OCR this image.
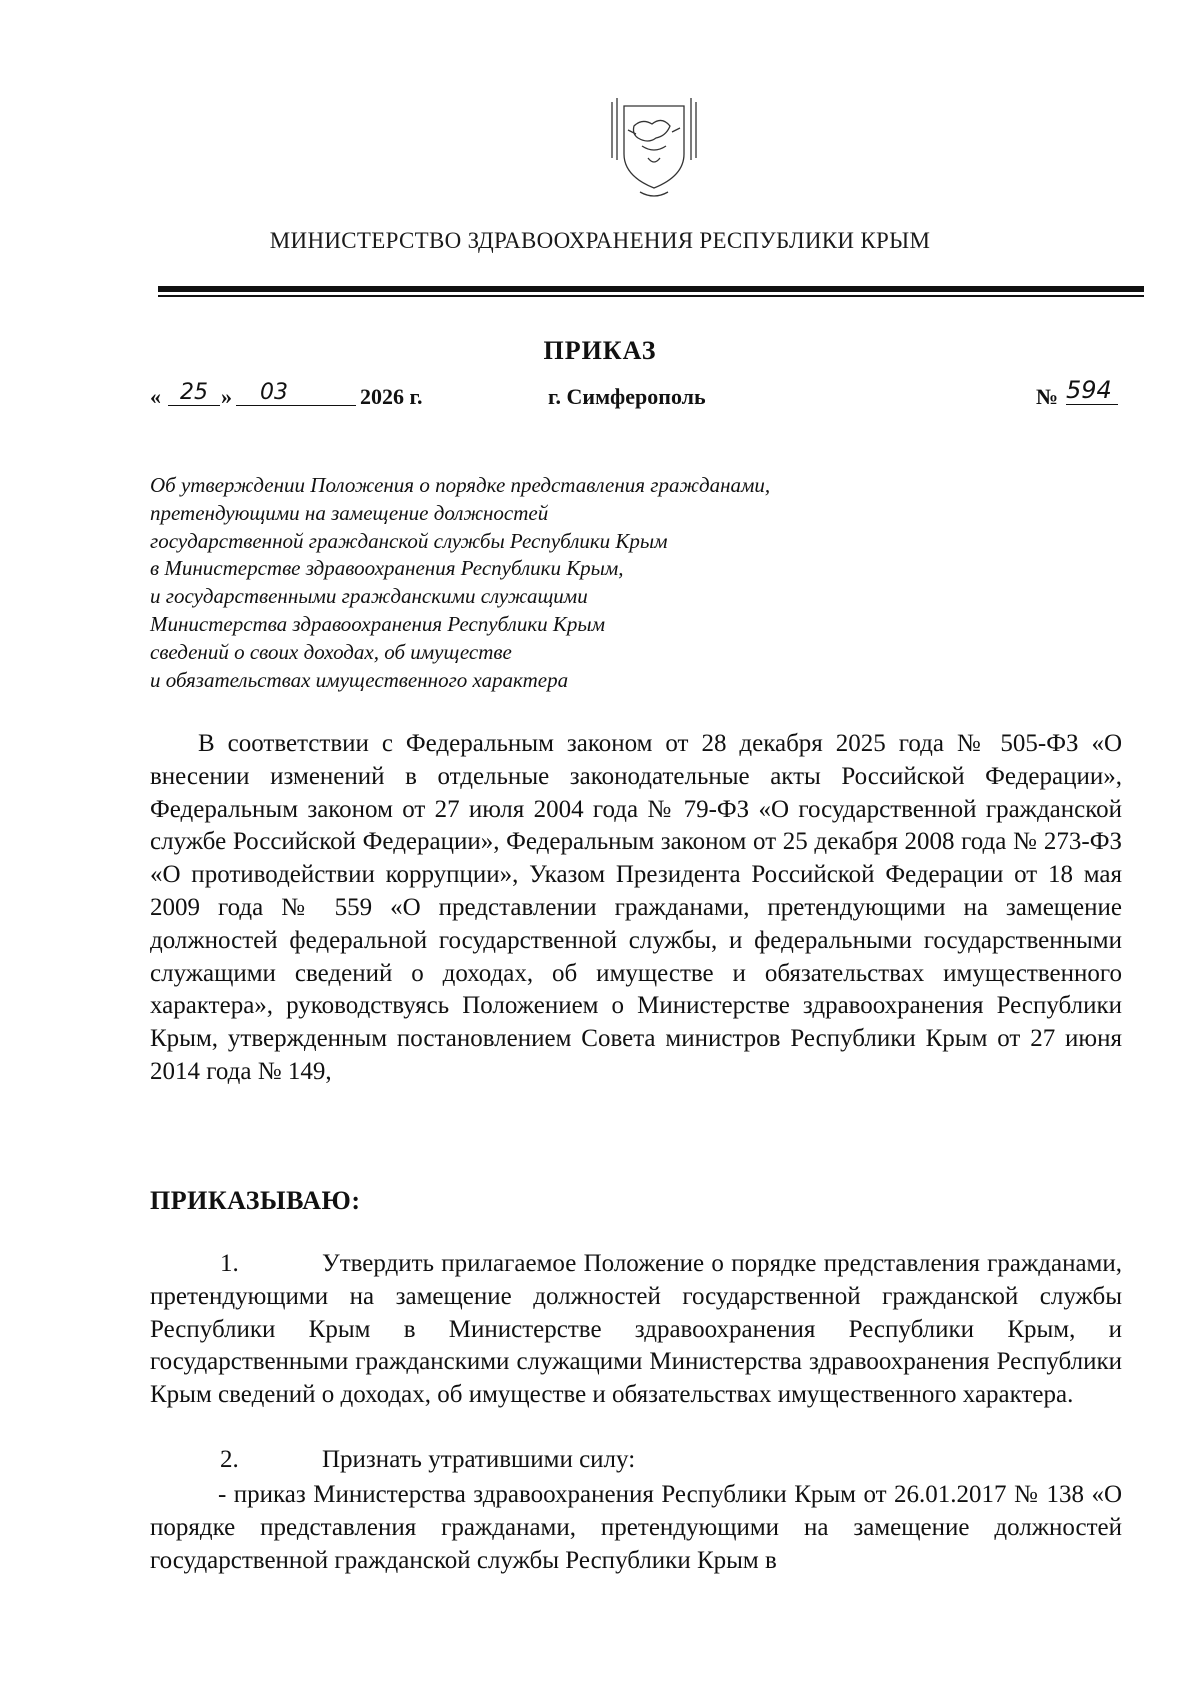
МИНИСТЕРСТВО ЗДРАВООХРАНЕНИЯ РЕСПУБЛИКИ КРЫМ
ПРИКАЗ
« 25 »	03	2026 г.	г. Симферополь	№ 594
Об утверждении Положения о порядке представления гражданами,
претендующими на замещение должностей
государственной гражданской службы Республики Крым
в Министерстве здравоохранения Республики Крым,
и государственными гражданскими служащими
Министерства здравоохранения Республики Крым
сведений о своих доходах, об имуществе
и обязательствах имущественного характера
В соответствии с Федеральным законом от 28 декабря 2025 года № 505-ФЗ «О внесении изменений в отдельные законодательные акты Российской Федерации», Федеральным законом от 27 июля 2004 года № 79-ФЗ «О государственной гражданской службе Российской Федерации», Федеральным законом от 25 декабря 2008 года № 273-ФЗ «О противодействии коррупции», Указом Президента Российской Федерации от 18 мая 2009 года № 559 «О представлении гражданами, претендующими на замещение должностей федеральной государственной службы, и федеральными государственными служащими сведений о доходах, об имуществе и обязательствах имущественного характера», руководствуясь Положением о Министерстве здравоохранения Республики Крым, утвержденным постановлением Совета министров Республики Крым от 27 июня 2014 года № 149,
ПРИКАЗЫВАЮ:
1.	Утвердить прилагаемое Положение о порядке представления гражданами, претендующими на замещение должностей государственной гражданской службы Республики Крым в Министерстве здравоохранения Республики Крым, и государственными гражданскими служащими Министерства здравоохранения Республики Крым сведений о доходах, об имуществе и обязательствах имущественного характера.
2.	Признать утратившими силу:
- приказ Министерства здравоохранения Республики Крым от 26.01.2017 № 138 «О порядке представления гражданами, претендующими на замещение должностей государственной гражданской службы Республики Крым в
